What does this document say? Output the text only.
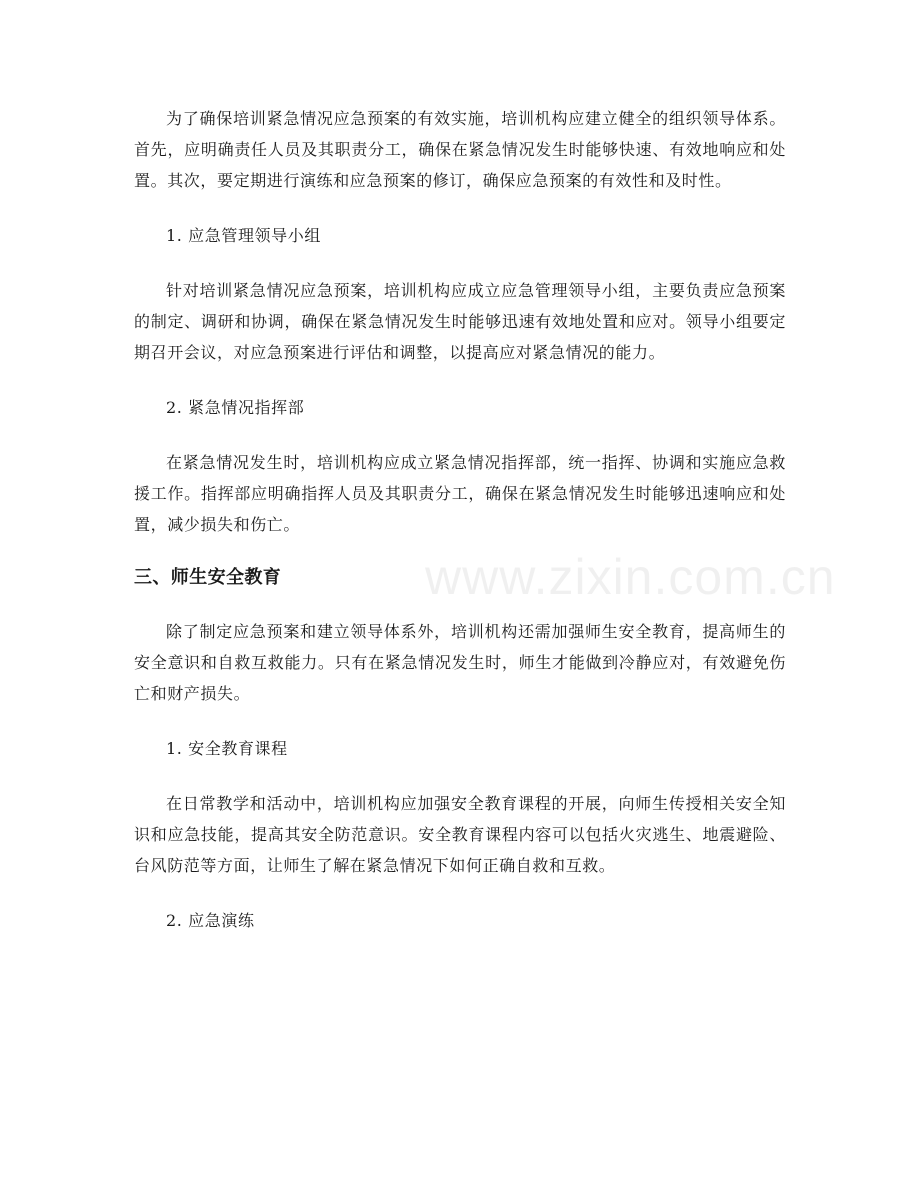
www.zixin.com.cn

为了确保培训紧急情况应急预案的有效实施，培训机构应建立健全的组织领导体系。首先，应明确责任人员及其职责分工，确保在紧急情况发生时能够快速、有效地响应和处置。其次，要定期进行演练和应急预案的修订，确保应急预案的有效性和及时性。

1. 应急管理领导小组

针对培训紧急情况应急预案，培训机构应成立应急管理领导小组，主要负责应急预案的制定、调研和协调，确保在紧急情况发生时能够迅速有效地处置和应对。领导小组要定期召开会议，对应急预案进行评估和调整，以提高应对紧急情况的能力。

2. 紧急情况指挥部

在紧急情况发生时，培训机构应成立紧急情况指挥部，统一指挥、协调和实施应急救援工作。指挥部应明确指挥人员及其职责分工，确保在紧急情况发生时能够迅速响应和处置，减少损失和伤亡。

三、师生安全教育

除了制定应急预案和建立领导体系外，培训机构还需加强师生安全教育，提高师生的安全意识和自救互救能力。只有在紧急情况发生时，师生才能做到冷静应对，有效避免伤亡和财产损失。

1. 安全教育课程

在日常教学和活动中，培训机构应加强安全教育课程的开展，向师生传授相关安全知识和应急技能，提高其安全防范意识。安全教育课程内容可以包括火灾逃生、地震避险、台风防范等方面，让师生了解在紧急情况下如何正确自救和互救。

2. 应急演练
